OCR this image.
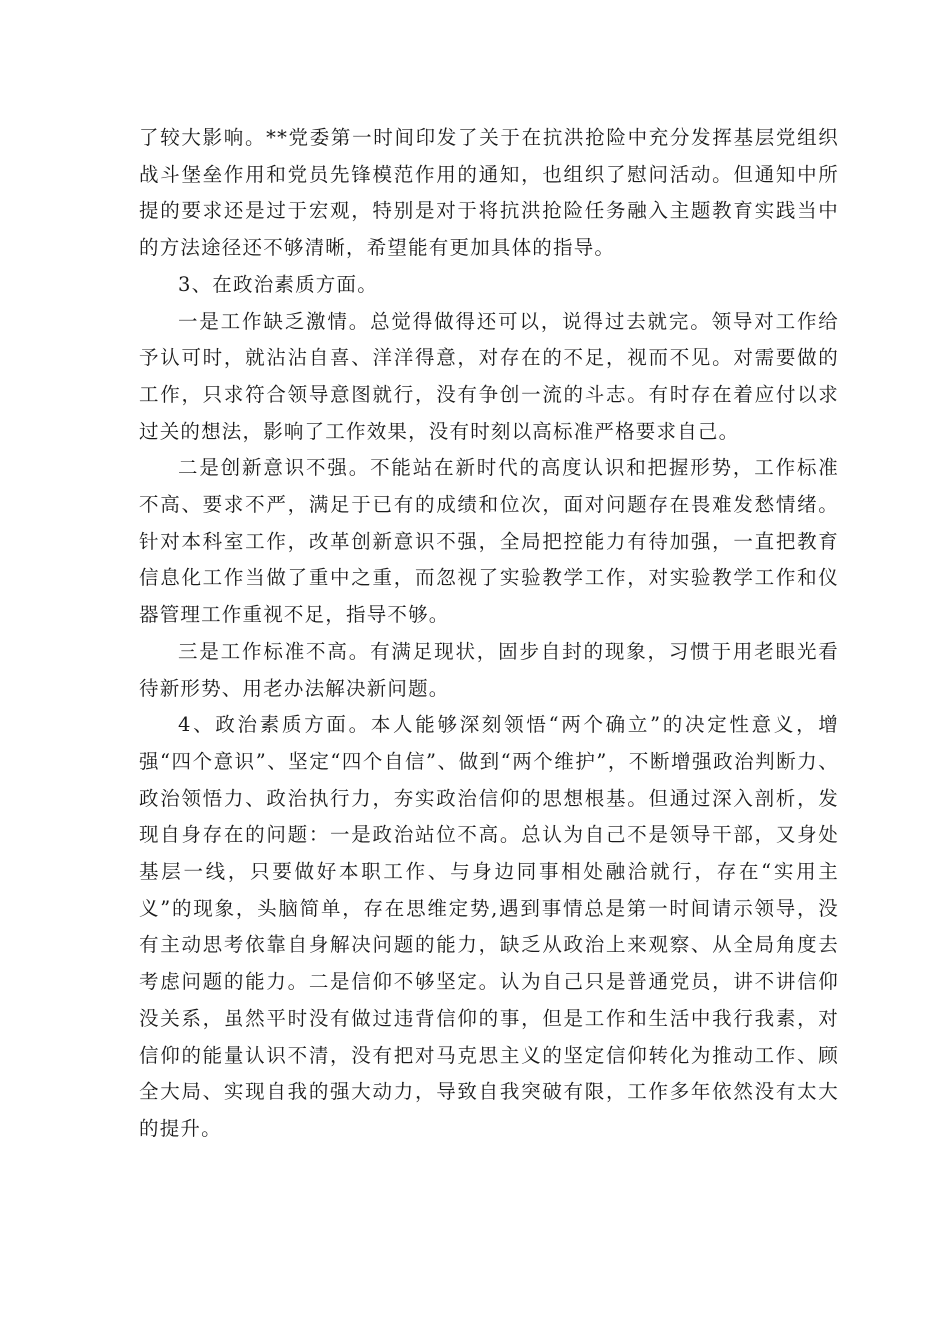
了较大影响。**党委第一时间印发了关于在抗洪抢险中充分发挥基层党组织战斗堡垒作用和党员先锋模范作用的通知，也组织了慰问活动。但通知中所提的要求还是过于宏观，特别是对于将抗洪抢险任务融入主题教育实践当中的方法途径还不够清晰，希望能有更加具体的指导。

3、在政治素质方面。

一是工作缺乏激情。总觉得做得还可以，说得过去就完。领导对工作给予认可时，就沾沾自喜、洋洋得意，对存在的不足，视而不见。对需要做的工作，只求符合领导意图就行，没有争创一流的斗志。有时存在着应付以求过关的想法，影响了工作效果，没有时刻以高标准严格要求自己。

二是创新意识不强。不能站在新时代的高度认识和把握形势，工作标准不高、要求不严，满足于已有的成绩和位次，面对问题存在畏难发愁情绪。针对本科室工作，改革创新意识不强，全局把控能力有待加强，一直把教育信息化工作当做了重中之重，而忽视了实验教学工作，对实验教学工作和仪器管理工作重视不足，指导不够。

三是工作标准不高。有满足现状，固步自封的现象，习惯于用老眼光看待新形势、用老办法解决新问题。

4、政治素质方面。本人能够深刻领悟“两个确立”的决定性意义，增强“四个意识”、坚定“四个自信”、做到“两个维护”，不断增强政治判断力、政治领悟力、政治执行力，夯实政治信仰的思想根基。但通过深入剖析，发现自身存在的问题：一是政治站位不高。总认为自己不是领导干部，又身处基层一线，只要做好本职工作、与身边同事相处融洽就行，存在“实用主义”的现象，头脑简单，存在思维定势,遇到事情总是第一时间请示领导，没有主动思考依靠自身解决问题的能力，缺乏从政治上来观察、从全局角度去考虑问题的能力。二是信仰不够坚定。认为自己只是普通党员，讲不讲信仰没关系，虽然平时没有做过违背信仰的事，但是工作和生活中我行我素，对信仰的能量认识不清，没有把对马克思主义的坚定信仰转化为推动工作、顾全大局、实现自我的强大动力，导致自我突破有限，工作多年依然没有太大的提升。
